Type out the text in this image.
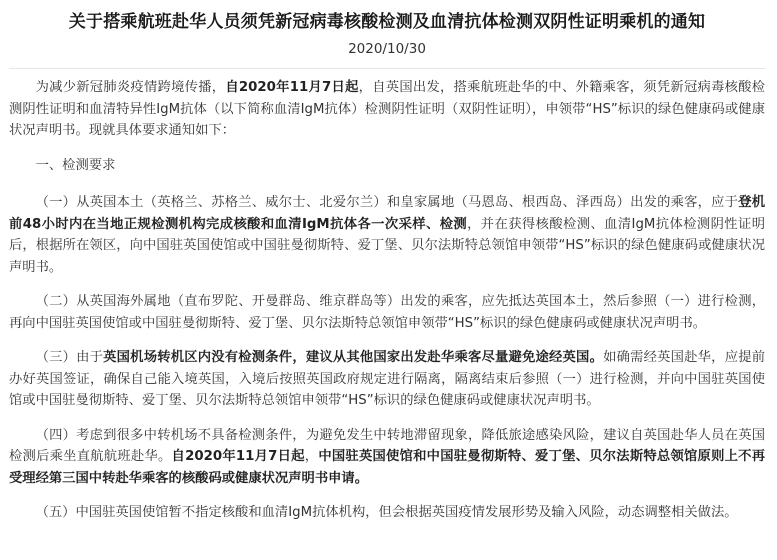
关于搭乘航班赴华人员须凭新冠病毒核酸检测及血清抗体检测双阴性证明乘机的通知
2020/10/30

为减少新冠肺炎疫情跨境传播，自2020年11月7日起，自英国出发，搭乘航班赴华的中、外籍乘客，须凭新冠病毒核酸检测阴性证明和血清特异性IgM抗体（以下简称血清IgM抗体）检测阴性证明（双阴性证明），申领带“HS”标识的绿色健康码或健康状况声明书。现就具体要求通知如下：

一、检测要求

（一）从英国本土（英格兰、苏格兰、威尔士、北爱尔兰）和皇家属地（马恩岛、根西岛、泽西岛）出发的乘客，应于登机前48小时内在当地正规检测机构完成核酸和血清IgM抗体各一次采样、检测，并在获得核酸检测、血清IgM抗体检测阴性证明后，根据所在领区，向中国驻英国使馆或中国驻曼彻斯特、爱丁堡、贝尔法斯特总领馆申领带“HS”标识的绿色健康码或健康状况声明书。

（二）从英国海外属地（直布罗陀、开曼群岛、维京群岛等）出发的乘客，应先抵达英国本土，然后参照（一）进行检测，再向中国驻英国使馆或中国驻曼彻斯特、爱丁堡、贝尔法斯特总领馆申领带“HS”标识的绿色健康码或健康状况声明书。

（三）由于英国机场转机区内没有检测条件，建议从其他国家出发赴华乘客尽量避免途经英国。如确需经英国赴华，应提前办好英国签证，确保自己能入境英国，入境后按照英国政府规定进行隔离，隔离结束后参照（一）进行检测，并向中国驻英国使馆或中国驻曼彻斯特、爱丁堡、贝尔法斯特总领馆申领带“HS”标识的绿色健康码或健康状况声明书。

（四）考虑到很多中转机场不具备检测条件，为避免发生中转地滞留现象，降低旅途感染风险，建议自英国赴华人员在英国检测后乘坐直航航班赴华。自2020年11月7日起，中国驻英国使馆和中国驻曼彻斯特、爱丁堡、贝尔法斯特总领馆原则上不再受理经第三国中转赴华乘客的核酸码或健康状况声明书申请。

（五）中国驻英国使馆暂不指定核酸和血清IgM抗体机构，但会根据英国疫情发展形势及输入风险，动态调整相关做法。
